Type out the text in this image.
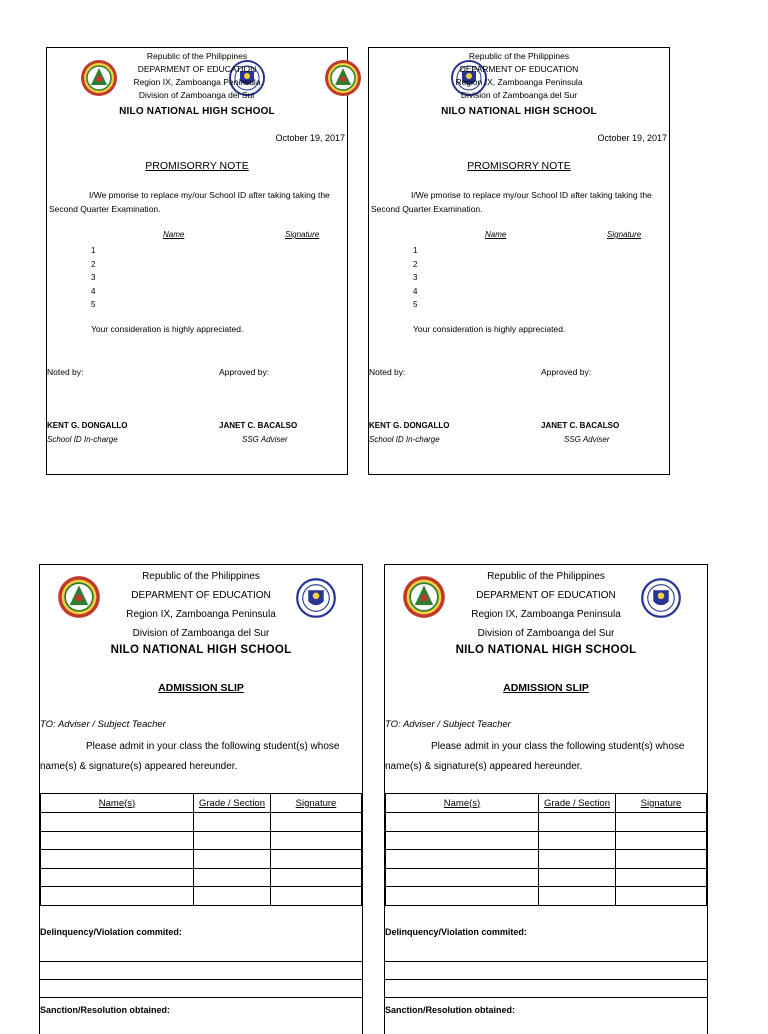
Republic of the Philippines
DEPARMENT OF EDUCATION
Region IX, Zamboanga Peninsula
Division of Zamboanga del Sur
NILO NATIONAL HIGH SCHOOL
October 19, 2017
PROMISORRY NOTE
I/We pmorise to replace my/our School ID after taking taking the Second Quarter Examination.
Name	Signature
1
2
3
4
5
Your consideration is highly appreciated.
Noted by:	Approved by:
KENT G. DONGALLO
School ID In-charge
JANET C. BACALSO
SSG Adviser
Republic of the Philippines
DEPARMENT OF EDUCATION
Region IX, Zamboanga Peninsula
Division of Zamboanga del Sur
NILO NATIONAL HIGH SCHOOL
October 19, 2017
PROMISORRY NOTE
I/We pmorise to replace my/our School ID after taking taking the Second Quarter Examination.
Name	Signature
1
2
3
4
5
Your consideration is highly appreciated.
Noted by:	Approved by:
KENT G. DONGALLO
School ID In-charge
JANET C. BACALSO
SSG Adviser
Republic of the Philippines
DEPARMENT OF EDUCATION
Region IX, Zamboanga Peninsula
Division of Zamboanga del Sur
NILO NATIONAL HIGH SCHOOL
ADMISSION SLIP
TO: Adviser / Subject Teacher
Please admit in your class the following student(s) whose name(s) & signature(s) appeared hereunder.
Name(s)	Grade / Section	Signature

Delinquency/Violation commited:
Sanction/Resolution obtained:
Republic of the Philippines
DEPARMENT OF EDUCATION
Region IX, Zamboanga Peninsula
Division of Zamboanga del Sur
NILO NATIONAL HIGH SCHOOL
ADMISSION SLIP
TO: Adviser / Subject Teacher
Please admit in your class the following student(s) whose name(s) & signature(s) appeared hereunder.
Name(s)	Grade / Section	Signature

Delinquency/Violation commited:
Sanction/Resolution obtained:
